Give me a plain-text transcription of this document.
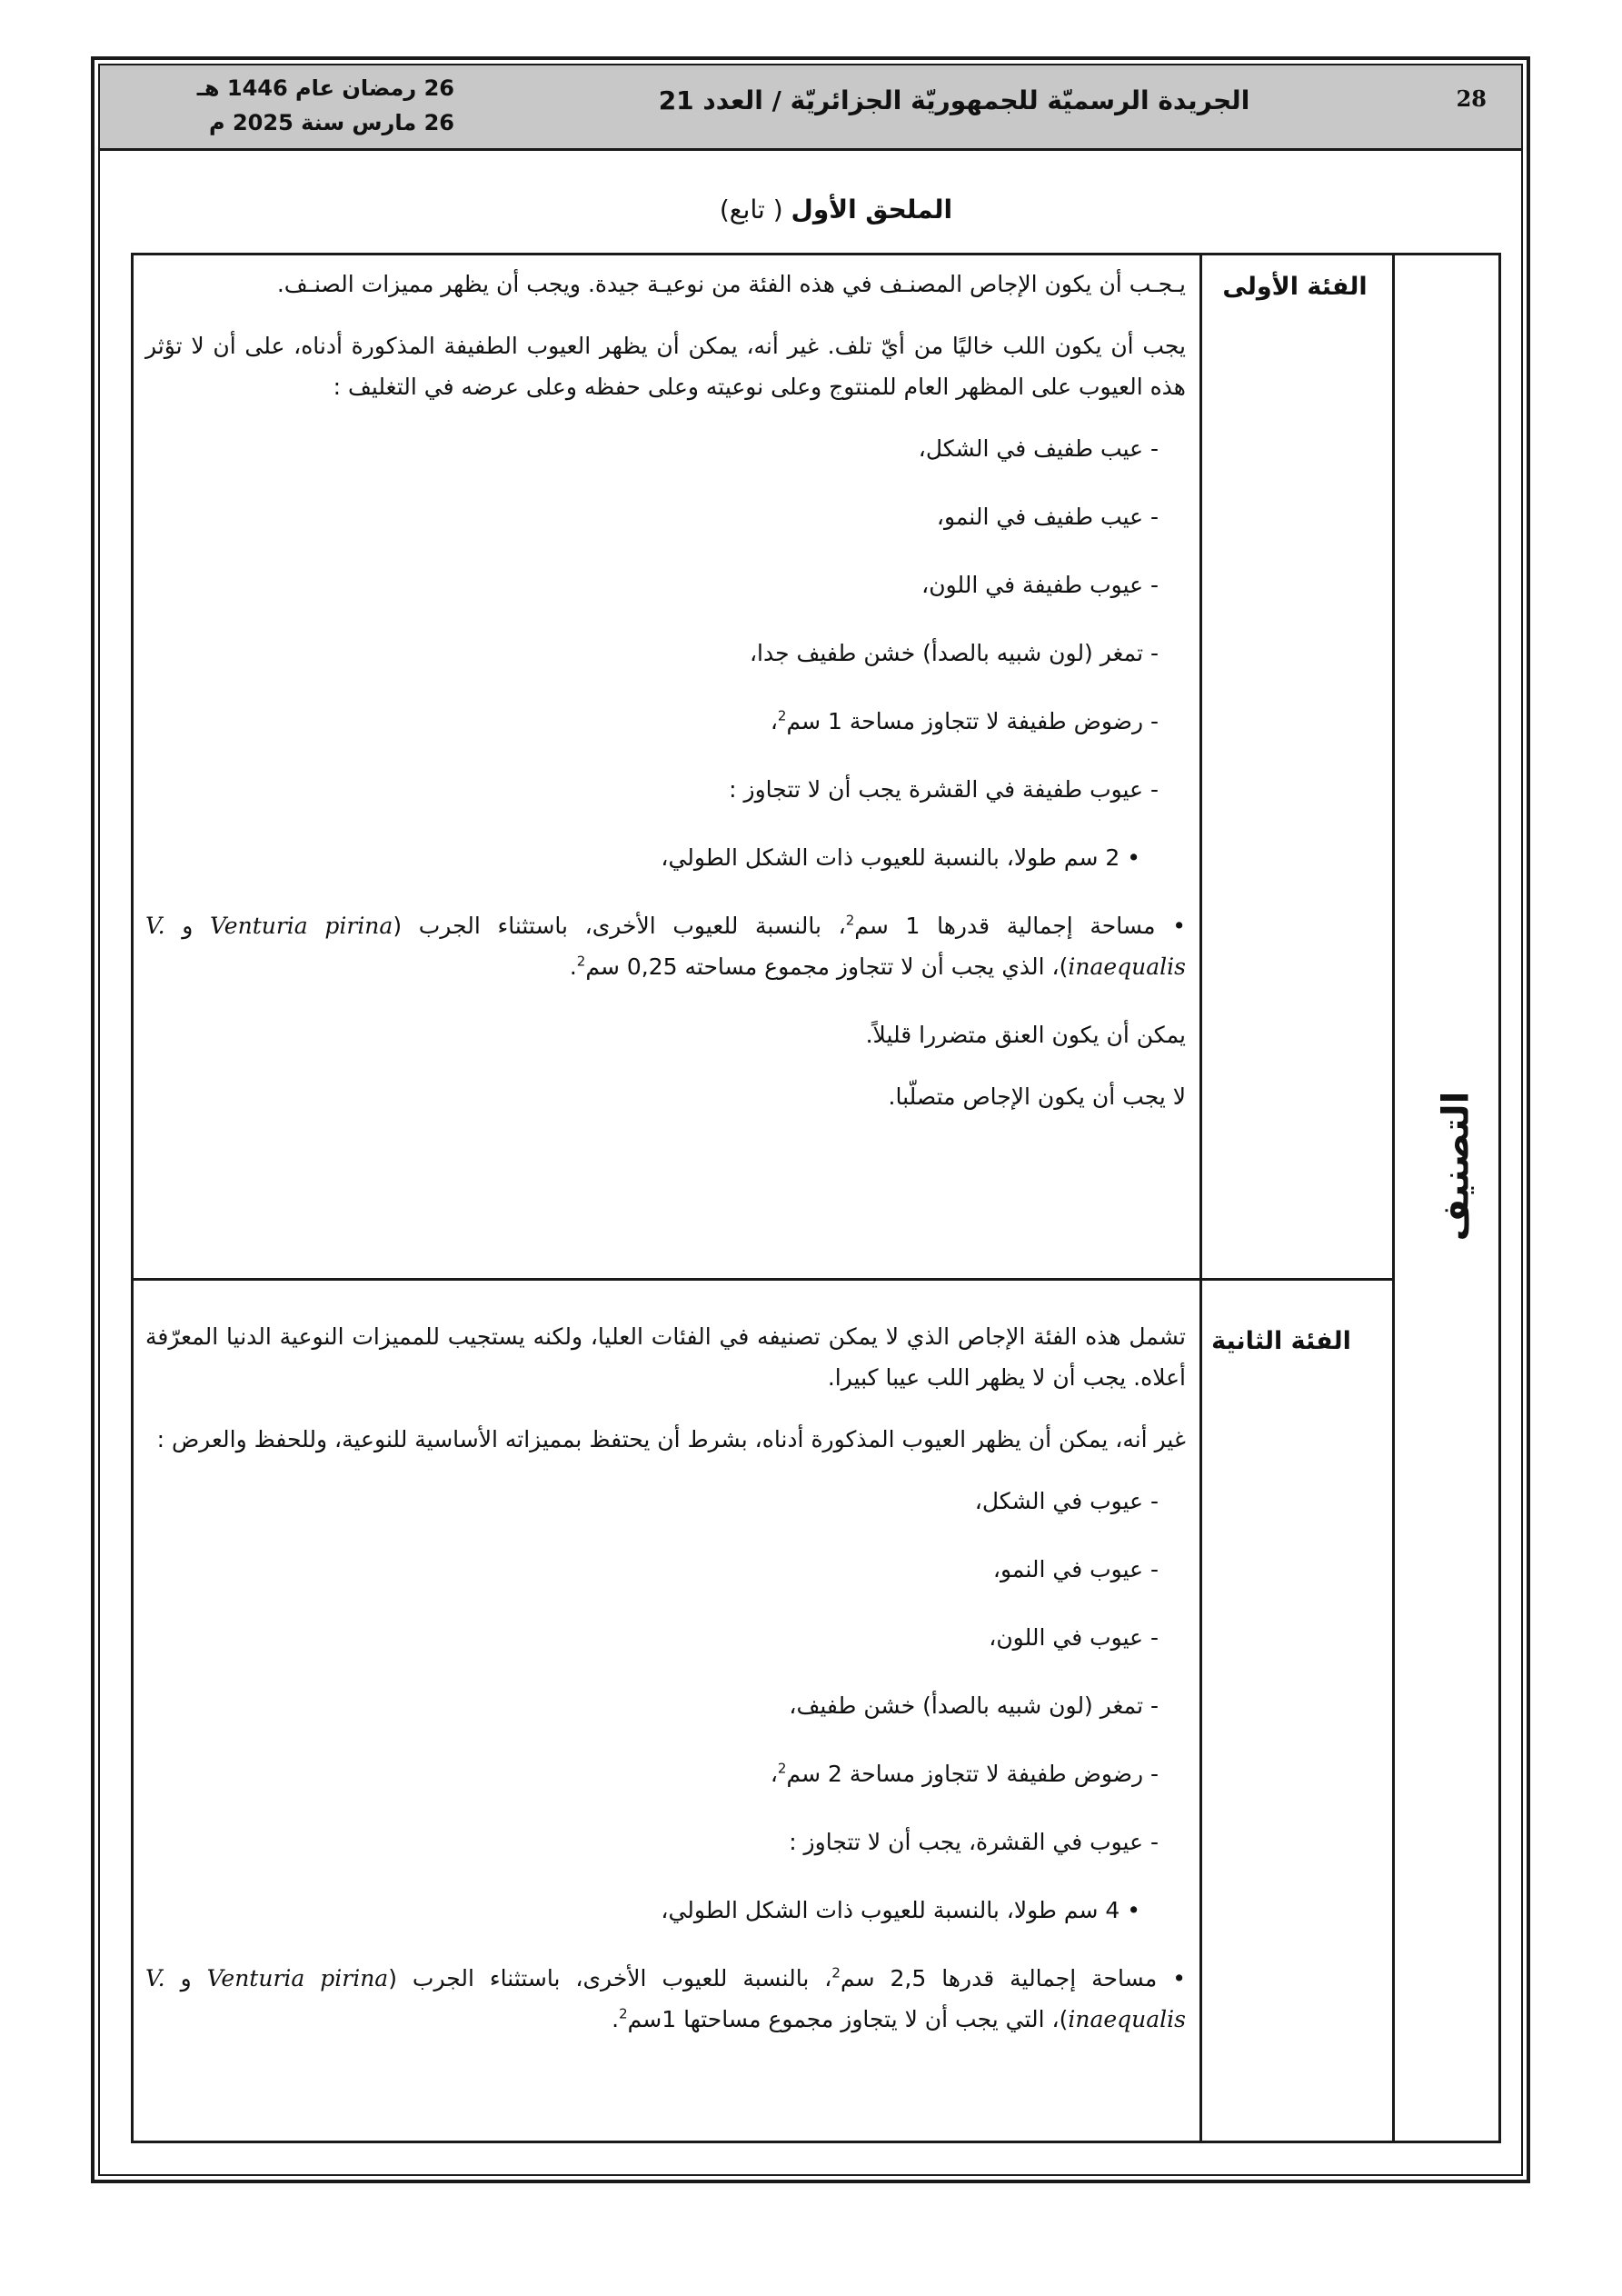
28
الجريدة الرسميّة للجمهوريّة الجزائريّة / العدد 21
26 رمضان عام 1446 هـ
26 مارس سنة 2025 م
الملحق الأول ( تابع)
التصنيف
الفئة الأولى

يـجـب أن يكون الإجاص المصنـف في هذه الفئة من نوعيـة جيدة. ويجب أن يظهر مميزات الصنـف.

يجب أن يكون اللب خاليًا من أيّ تلف. غير أنه، يمكن أن يظهر العيوب الطفيفة المذكورة أدناه، على أن لا تؤثر هذه العيوب على المظهر العام للمنتوج وعلى نوعيته وعلى حفظه وعلى عرضه في التغليف :

- عيب طفيف في الشكل،

- عيب طفيف في النمو،

- عيوب طفيفة في اللون،

- تمغر (لون شبيه بالصدأ) خشن طفيف جدا،

- رضوض طفيفة لا تتجاوز مساحة 1 سم$^2$،

- عيوب طفيفة في القشرة يجب أن لا تتجاوز :

• 2 سم طولا، بالنسبة للعيوب ذات الشكل الطولي،

• مساحة إجمالية قدرها 1 سم$^2$، بالنسبة للعيوب الأخرى، باستثناء الجرب (Venturia pirina و V. inaequalis)، الذي يجب أن لا تتجاوز مجموع مساحته 0,25 سم$^2$.

يمكن أن يكون العنق متضررا قليلاً.

لا يجب أن يكون الإجاص متصلّبا.

الفئة الثانية

تشمل هذه الفئة الإجاص الذي لا يمكن تصنيفه في الفئات العليا، ولكنه يستجيب للمميزات النوعية الدنيا المعرّفة أعلاه. يجب أن لا يظهر اللب عيبا كبيرا.

غير أنه، يمكن أن يظهر العيوب المذكورة أدناه، بشرط أن يحتفظ بمميزاته الأساسية للنوعية، وللحفظ والعرض :

- عيوب في الشكل،

- عيوب في النمو،

- عيوب في اللون،

- تمغر (لون شبيه بالصدأ) خشن طفيف،

- رضوض طفيفة لا تتجاوز مساحة 2 سم$^2$،

- عيوب في القشرة، يجب أن لا تتجاوز :

• 4 سم طولا، بالنسبة للعيوب ذات الشكل الطولي،

• مساحة إجمالية قدرها 2,5 سم$^2$، بالنسبة للعيوب الأخرى، باستثناء الجرب (Venturia pirina و V. inaequalis)، التي يجب أن لا يتجاوز مجموع مساحتها 1سم$^2$.
